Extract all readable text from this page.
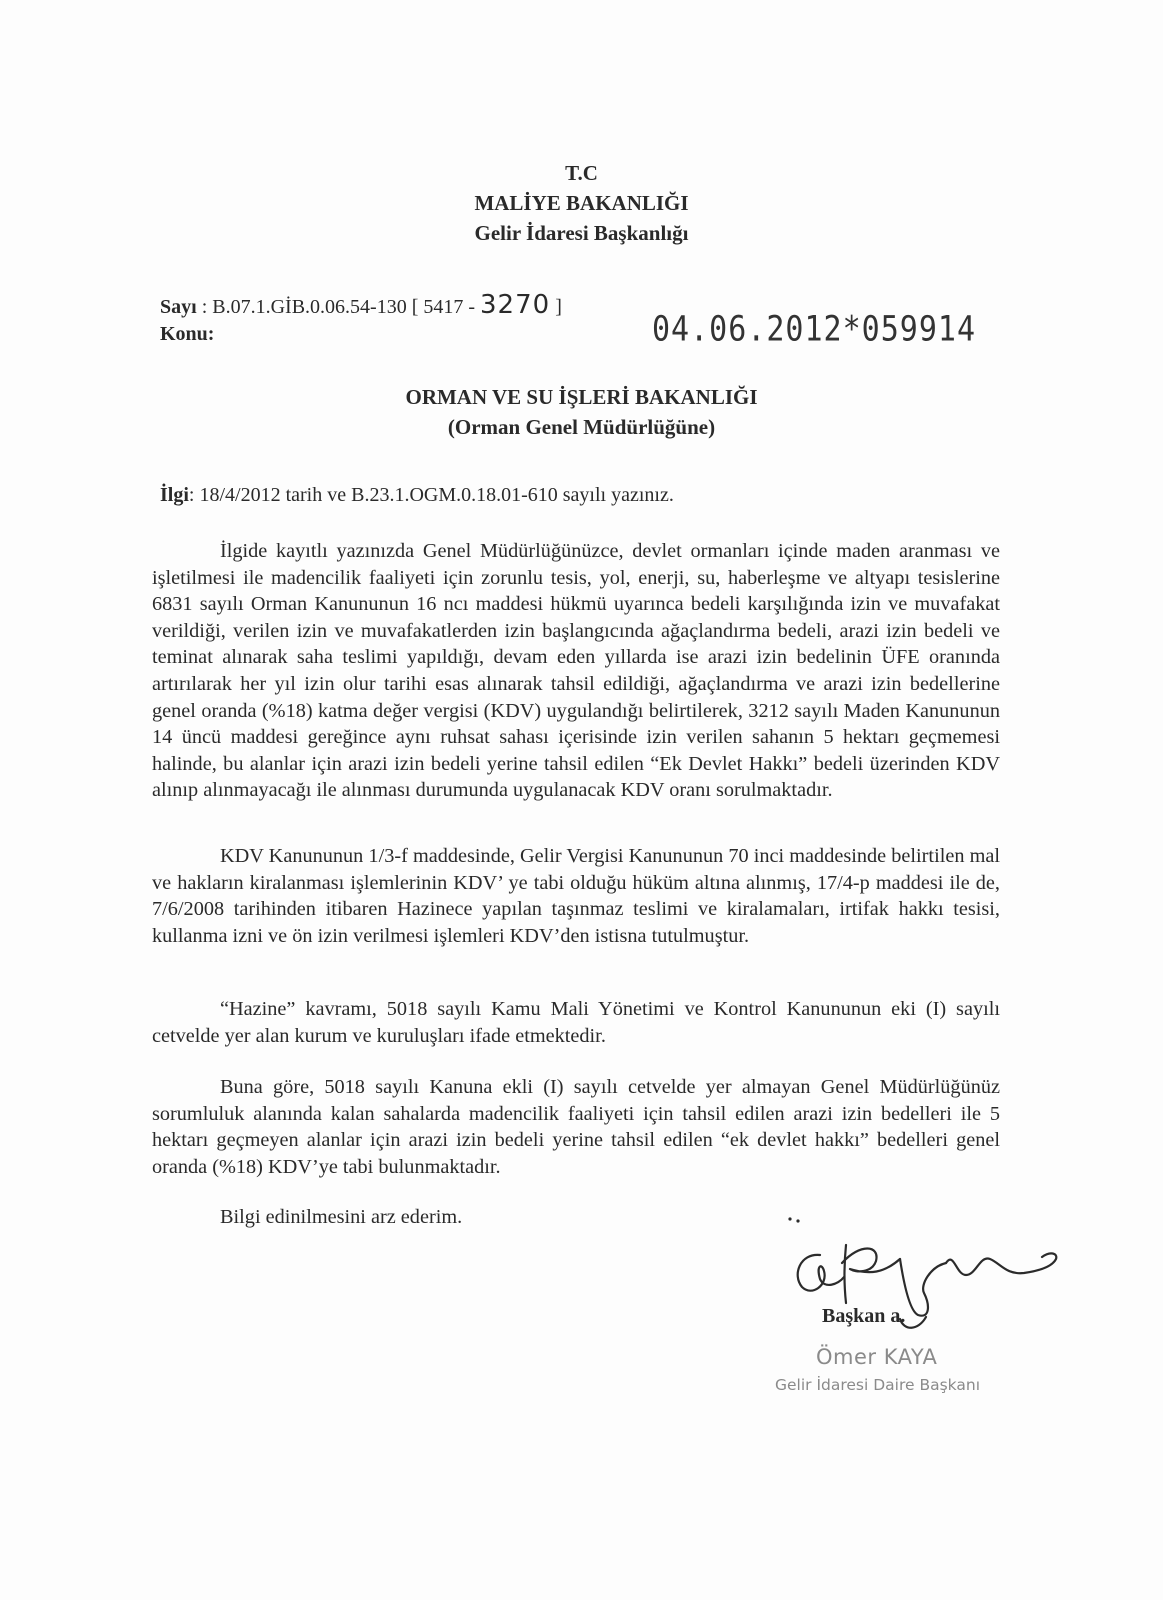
T.C
MALİYE BAKANLIĞI
Gelir İdaresi Başkanlığı
Sayı : B.07.1.GİB.0.06.54-130 [ 5417 - 3270 ]
Konu:	04.06.2012*059914
ORMAN VE SU İŞLERİ BAKANLIĞI
(Orman Genel Müdürlüğüne)
İlgi: 18/4/2012 tarih ve B.23.1.OGM.0.18.01-610 sayılı yazınız.

İlgide kayıtlı yazınızda Genel Müdürlüğünüzce, devlet ormanları içinde maden aranması ve işletilmesi ile madencilik faaliyeti için zorunlu tesis, yol, enerji, su, haberleşme ve altyapı tesislerine 6831 sayılı Orman Kanununun 16 ncı maddesi hükmü uyarınca bedeli karşılığında izin ve muvafakat verildiği, verilen izin ve muvafakatlerden izin başlangıcında ağaçlandırma bedeli, arazi izin bedeli ve teminat alınarak saha teslimi yapıldığı, devam eden yıllarda ise arazi izin bedelinin ÜFE oranında artırılarak her yıl izin olur tarihi esas alınarak tahsil edildiği, ağaçlandırma ve arazi izin bedellerine genel oranda (%18) katma değer vergisi (KDV) uygulandığı belirtilerek, 3212 sayılı Maden Kanununun 14 üncü maddesi gereğince aynı ruhsat sahası içerisinde izin verilen sahanın 5 hektarı geçmemesi halinde, bu alanlar için arazi izin bedeli yerine tahsil edilen “Ek Devlet Hakkı” bedeli üzerinden KDV alınıp alınmayacağı ile alınması durumunda uygulanacak KDV oranı sorulmaktadır.

KDV Kanununun 1/3-f maddesinde, Gelir Vergisi Kanununun 70 inci maddesinde belirtilen mal ve hakların kiralanması işlemlerinin KDV’ ye tabi olduğu hüküm altına alınmış, 17/4-p maddesi ile de, 7/6/2008 tarihinden itibaren Hazinece yapılan taşınmaz teslimi ve kiralamaları, irtifak hakkı tesisi, kullanma izni ve ön izin verilmesi işlemleri KDV’den istisna tutulmuştur.

“Hazine” kavramı, 5018 sayılı Kamu Mali Yönetimi ve Kontrol Kanununun eki (I) sayılı cetvelde yer alan kurum ve kuruluşları ifade etmektedir.

Buna göre, 5018 sayılı Kanuna ekli (I) sayılı cetvelde yer almayan Genel Müdürlüğünüz sorumluluk alanında kalan sahalarda madencilik faaliyeti için tahsil edilen arazi izin bedelleri ile 5 hektarı geçmeyen alanlar için arazi izin bedeli yerine tahsil edilen “ek devlet hakkı” bedelleri genel oranda (%18) KDV’ye tabi bulunmaktadır.

Bilgi edinilmesini arz ederim.

Başkan a.
Ömer KAYA
Gelir İdaresi Daire Başkanı
